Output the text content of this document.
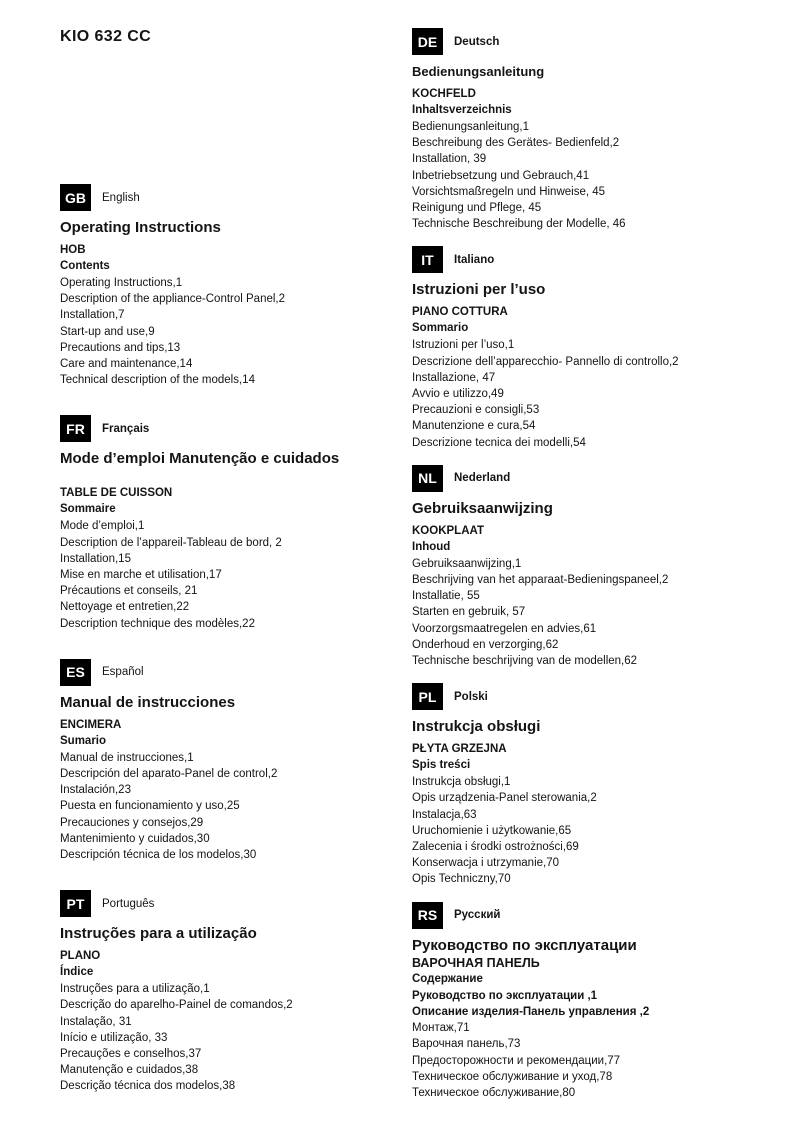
KIO 632 CC
GB	English
Operating Instructions
HOB
Contents
Operating Instructions,1
Description of the appliance-Control Panel,2
Installation,7
Start-up and use,9
Precautions and tips,13
Care and maintenance,14
Technical description of the models,14
FR	Français
Mode d’emploi Manutenção e cuidados
TABLE DE CUISSON
Sommaire
Mode d’emploi,1
Description de l’appareil-Tableau de bord, 2
Installation,15
Mise en marche et utilisation,17
Précautions et conseils, 21
Nettoyage et entretien,22
Description technique des modèles,22
ES	Español
Manual de instrucciones
ENCIMERA
Sumario
Manual de instrucciones,1
Descripción del aparato-Panel de control,2
Instalación,23
Puesta en funcionamiento y uso,25
Precauciones y consejos,29
Mantenimiento y cuidados,30
Descripción técnica de los modelos,30
PT	Português
Instruções para a utilização
PLANO
Índice
Instruções para a utilização,1
Descrição do aparelho-Painel de comandos,2
Instalação, 31
Início e utilização, 33
Precauções e conselhos,37
Manutenção e cuidados,38
Descrição técnica dos modelos,38
DE	Deutsch
Bedienungsanleitung
KOCHFELD
Inhaltsverzeichnis
Bedienungsanleitung,1
Beschreibung des Gerätes- Bedienfeld,2
Installation, 39
Inbetriebsetzung und Gebrauch,41
Vorsichtsmaßregeln und Hinweise, 45
Reinigung und Pflege, 45
Technische Beschreibung der Modelle, 46
IT	Italiano
Istruzioni per l’uso
PIANO COTTURA
Sommario
Istruzioni per l’uso,1
Descrizione dell’apparecchio- Pannello di controllo,2
Installazione, 47
Avvio e utilizzo,49
Precauzioni e consigli,53
Manutenzione e cura,54
Descrizione tecnica dei modelli,54
NL	Nederland
Gebruiksaanwijzing
KOOKPLAAT
Inhoud
Gebruiksaanwijzing,1
Beschrijving van het apparaat-Bedieningspaneel,2
Installatie, 55
Starten en gebruik, 57
Voorzorgsmaatregelen en advies,61
Onderhoud en verzorging,62
Technische beschrijving van de modellen,62
PL	Polski
Instrukcja obsługi
PŁYTA GRZEJNA
Spis treści
Instrukcja obsługi,1
Opis urządzenia-Panel sterowania,2
Instalacja,63
Uruchomienie i użytkowanie,65
Zalecenia i środki ostrożności,69
Konserwacja i utrzymanie,70
Opis Techniczny,70
RS	Русский
Руководство по эксплуатации
ВАРОЧНАЯ ПАНЕЛЬ
Содержание
Руководство по эксплуатации ,1
Описание изделия-Панель управления ,2
Монтаж,71
Варочная панель,73
Предосторожности и рекомендации,77
Техническое обслуживание и уход,78
Техническое обслуживание,80
